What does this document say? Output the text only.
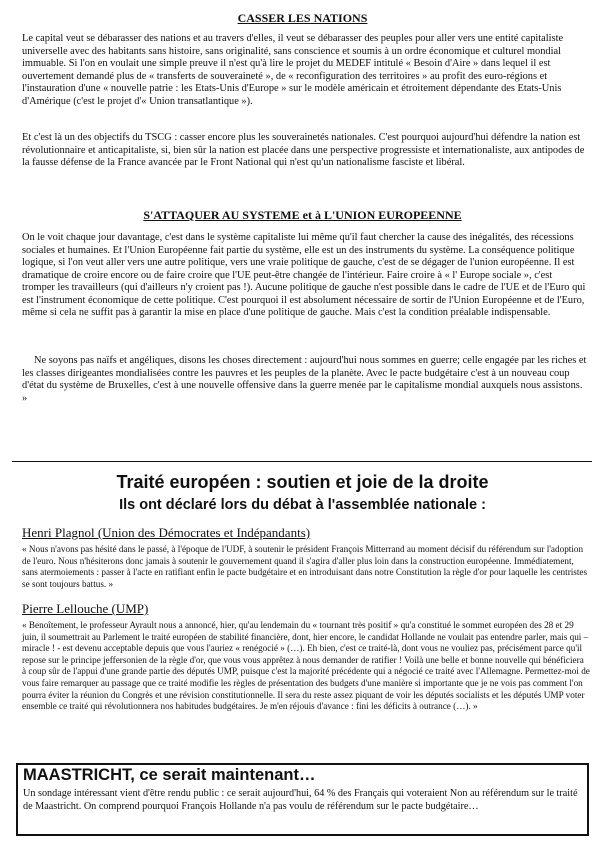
CASSER LES NATIONS

Le capital veut se débarasser des nations et au travers d'elles, il veut se débarasser des peuples pour aller vers une entité capitaliste universelle avec des habitants sans histoire, sans originalité, sans conscience et soumis à un ordre économique et culturel mondial immuable. Si l'on en voulait une simple preuve il n'est qu'à lire le projet du MEDEF intitulé « Besoin d'Aire » dans lequel il est ouvertement demandé plus de « transferts de souveraineté », de « reconfiguration des territoires » au profit des euro-régions et l'instauration d'une « nouvelle patrie : les Etats-Unis d'Europe » sur le modèle américain et étroitement dépendante des Etats-Unis d'Amérique (c'est le projet d'« Union transatlantique »).

Et c'est là un des objectifs du TSCG : casser encore plus les souverainetés nationales. C'est pourquoi aujourd'hui défendre la nation est révolutionnaire et anticapitaliste, si, bien sûr la nation est placée dans une perspective progressiste et internationaliste, aux antipodes de la fausse défense de la France avancée par le Front National qui n'est qu'un nationalisme fasciste et libéral.

S'ATTAQUER AU SYSTEME et à L'UNION EUROPEENNE

On le voit chaque jour davantage, c'est dans le système capitaliste lui même qu'il faut chercher la cause des inégalités, des récessions sociales et humaines. Et l'Union Européenne fait partie du système, elle est un des instruments du système. La conséquence politique logique, si l'on veut aller vers une autre politique, vers une vraie politique de gauche, c'est de se dégager de l'union européenne. Il est dramatique de croire encore ou de faire croire que l'UE peut-être changée de l'intérieur. Faire croire à « l' Europe sociale », c'est tromper les travailleurs (qui d'ailleurs n'y croient pas !). Aucune politique de gauche n'est possible dans le cadre de l'UE et de l'Euro qui est l'instrument économique de cette politique. C'est pourquoi il est absolument nécessaire de sortir de l'Union Européenne et de l'Euro, même si cela ne suffit pas à garantir la mise en place d'une politique de gauche. Mais c'est la condition préalable indispensable.

Ne soyons pas naïfs et angéliques, disons les choses directement : aujourd'hui nous sommes en guerre; celle engagée par les riches et les classes dirigeantes mondialisées contre les pauvres et les peuples de la planète. Avec le pacte budgétaire c'est à un nouveau coup d'état du système de Bruxelles, c'est à une nouvelle offensive dans la guerre menée par le capitalisme mondial auxquels nous assistons. »

Traité européen : soutien et joie de la droite
Ils ont déclaré lors du débat à l'assemblée nationale :

Henri Plagnol (Union des Démocrates et Indépandants)

« Nous n'avons pas hésité dans le passé, à l'époque de l'UDF, à soutenir le président François Mitterrand au moment décisif du référendum sur l'adoption de l'euro. Nous n'hésiterons donc jamais à soutenir le gouvernement quand il s'agira d'aller plus loin dans la construction européenne. Immédiatement, sans atermoiements : passer à l'acte en ratifiant enfin le pacte budgétaire et en introduisant dans notre Constitution la règle d'or pour laquelle les centristes se sont toujours battus. »

Pierre Lellouche (UMP)

« Benoîtement, le professeur Ayrault nous a annoncé, hier, qu'au lendemain du « tournant très positif » qu'a constitué le sommet européen des 28 et 29 juin, il soumettrait au Parlement le traité européen de stabilité financière, dont, hier encore, le candidat Hollande ne voulait pas entendre parler, mais qui – miracle ! - est devenu acceptable depuis que vous l'auriez « renégocié » (…). Eh bien, c'est ce traité-là, dont vous ne vouliez pas, précisément parce qu'il repose sur le principe jeffersonien de la règle d'or, que vous vous apprêtez à nous demander de ratifier ! Voilà une belle et bonne nouvelle qui bénéficiera à coup sûr de l'appui d'une grande partie des députés UMP, puisque c'est la majorité précédente qui a négocié ce traité avec l'Allemagne. Permettez-moi de vous faire remarquer au passage que ce traité modifie les règles de présentation des budgets d'une manière si importante que je ne vois pas comment l'on pourra éviter la réunion du Congrès et une révision constitutionnelle. Il sera du reste assez piquant de voir les députés socialists et les députés UMP voter ensemble ce traité qui révolutionnera nos habitudes budgétaires. Je m'en réjouis d'avance : fini les déficits à outrance (…). »

MAASTRICHT, ce serait maintenant…

Un sondage intéressant vient d'être rendu public : ce serait aujourd'hui, 64 % des Français qui voteraient Non au référendum sur le traité de Maastricht. On comprend pourquoi François Hollande n'a pas voulu de référendum sur le pacte budgétaire…
